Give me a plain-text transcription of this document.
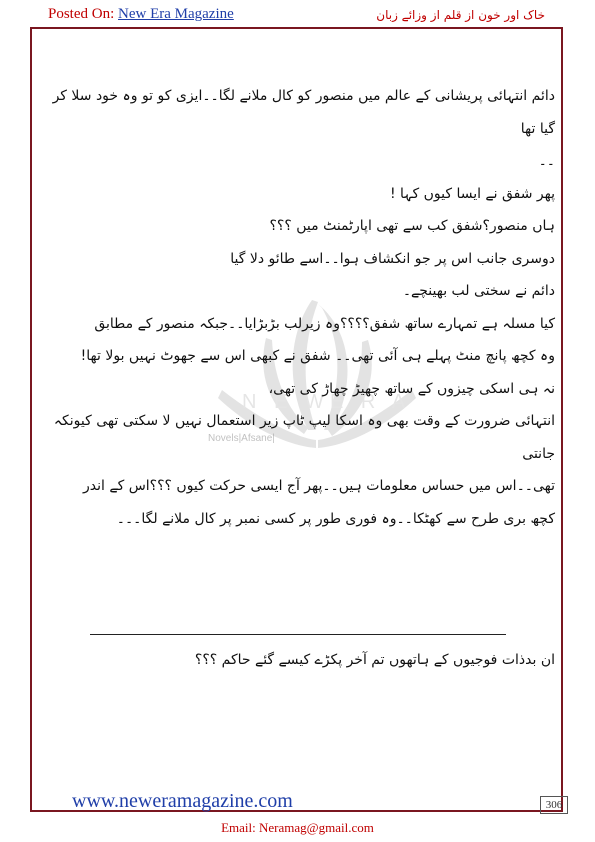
Posted On: New Era Magazine	خاک اور خون از قلم از وزائے زبان
N E W E R A
Novels|Afsane|

دائم انتہائی پریشانی کے عالم میں منصور کو کال ملانے لگا۔۔ایزی کو تو وہ خود سلا کر گیا تھا

۔۔

پھر شفق نے ایسا کیوں کہا !

ہاں منصور؟شفق کب سے تھی اپارٹمنٹ میں ؟؟؟

دوسری جانب اس پر جو انکشاف ہوا۔۔اسے طائو دلا گیا

دائم نے سختی لب بھینچے۔

کیا مسلہ ہے تمہارے ساتھ شفق؟؟؟؟وہ زیرلب بڑبڑایا۔۔جبکہ منصور کے مطابق

وہ کچھ پانچ منٹ پہلے ہی آئی تھی۔۔ شفق نے کبھی اس سے جھوٹ نہیں بولا تھا!

نہ ہی اسکی چیزوں کے ساتھ چھیڑ چھاڑ کی تھی،

انتہائی ضرورت کے وقت بھی وہ اسکا لیپ ٹاپ زیر استعمال نہیں لا سکتی تھی کیونکہ جانتی

تھی۔۔اس میں حساس معلومات ہیں۔۔پھر آج ایسی حرکت کیوں ؟؟؟اس کے اندر

کچھ بری طرح سے کھٹکا۔۔وہ فوری طور پر کسی نمبر پر کال ملانے لگا۔۔۔

ان بدذات فوجیوں کے ہاتھوں تم آخر پکڑے کیسے گئے حاکم ؟؟؟
www.neweramagazine.com	306
Email: Neramag@gmail.com
